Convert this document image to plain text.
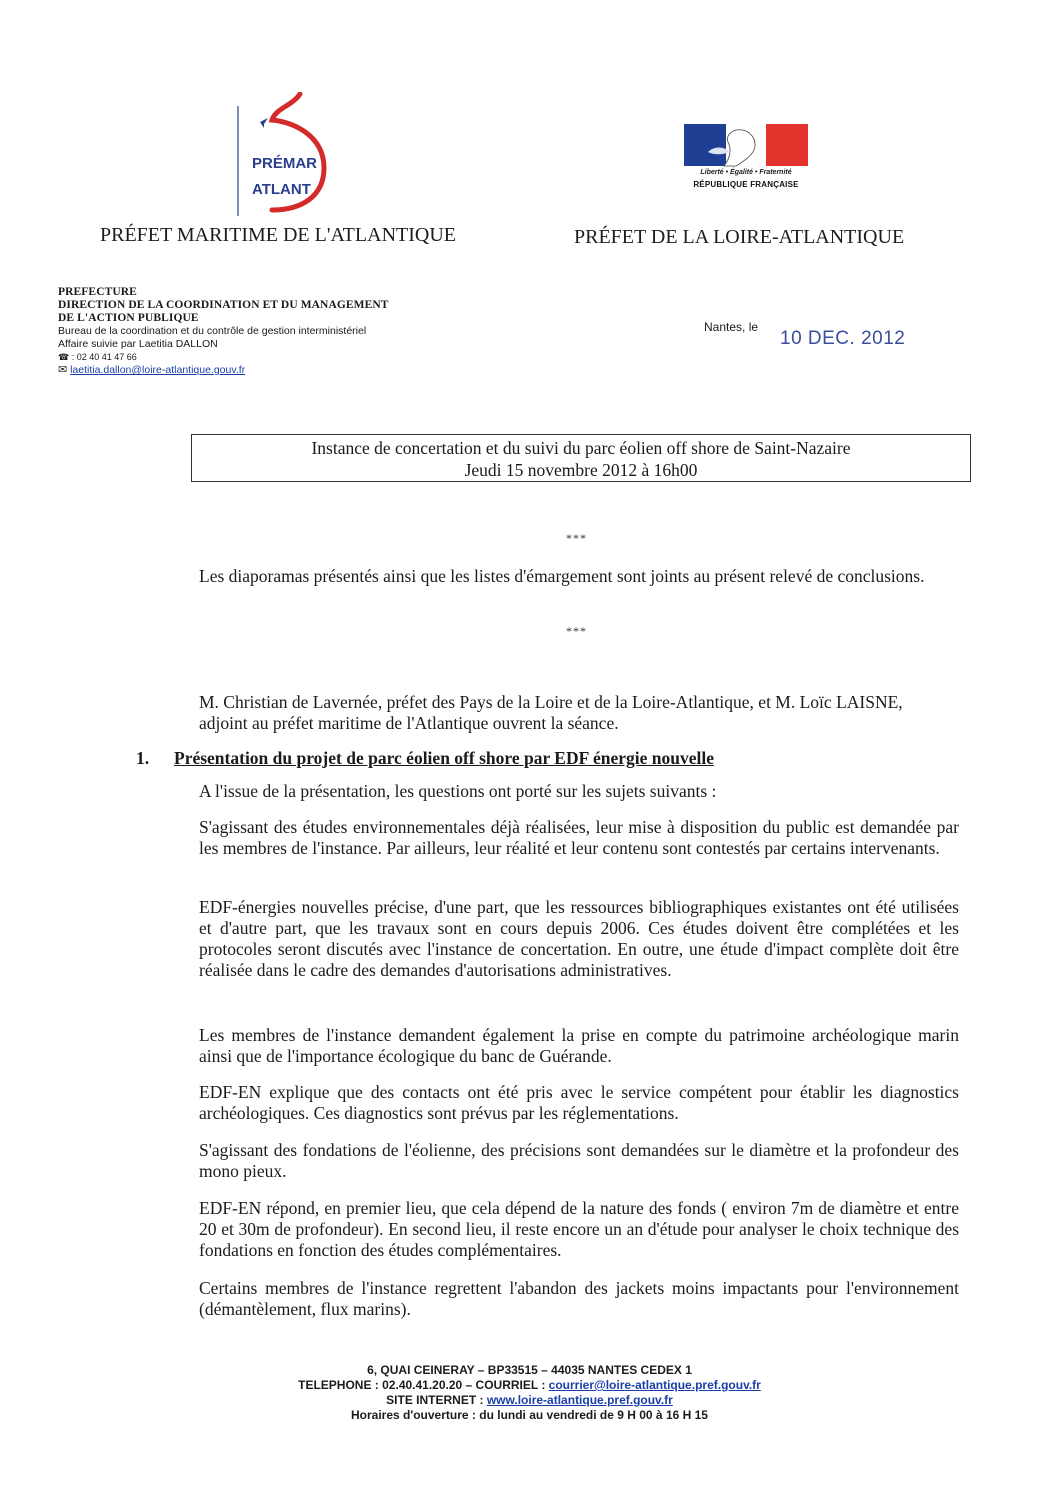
PRÉMAR
ATLANT
Liberté • Égalité • Fraternité
RÉPUBLIQUE FRANÇAISE
PRÉFET MARITIME DE L'ATLANTIQUE	PRÉFET DE LA LOIRE-ATLANTIQUE
PREFECTURE
DIRECTION DE LA COORDINATION ET DU MANAGEMENT
DE L'ACTION PUBLIQUE
Bureau de la coordination et du contrôle de gestion interministériel
Affaire suivie par Laetitia DALLON
☎ : 02 40 41 47 66
✉ laetitia.dallon@loire-atlantique.gouv.fr
Nantes, le
10 DEC. 2012
Instance de concertation et du suivi du parc éolien off shore de Saint-Nazaire
Jeudi 15 novembre 2012 à 16h00
***
Les diaporamas présentés ainsi que les listes d'émargement sont joints au présent relevé de conclusions.
***
M. Christian de Lavernée, préfet des Pays de la Loire et de la Loire-Atlantique, et M. Loïc LAISNE, adjoint au préfet maritime de l'Atlantique ouvrent la séance.
1. Présentation du projet de parc éolien off shore par EDF énergie nouvelle
A l'issue de la présentation, les questions ont porté sur les sujets suivants :
S'agissant des études environnementales déjà réalisées, leur mise à disposition du public est demandée par les membres de l'instance. Par ailleurs, leur réalité et leur contenu sont contestés par certains intervenants.
EDF-énergies nouvelles précise, d'une part, que les ressources bibliographiques existantes ont été utilisées et d'autre part, que les travaux sont en cours depuis 2006. Ces études doivent être complétées et les protocoles seront discutés avec l'instance de concertation. En outre, une étude d'impact complète doit être réalisée dans le cadre des demandes d'autorisations administratives.
Les membres de l'instance demandent également la prise en compte du patrimoine archéologique marin ainsi que de l'importance écologique du banc de Guérande.
EDF-EN explique que des contacts ont été pris avec le service compétent pour établir les diagnostics archéologiques. Ces diagnostics sont prévus par les réglementations.
S'agissant des fondations de l'éolienne, des précisions sont demandées sur le diamètre et la profondeur des mono pieux.
EDF-EN répond, en premier lieu, que cela dépend de la nature des fonds ( environ 7m de diamètre et entre 20 et 30m de profondeur). En second lieu, il reste encore un an d'étude pour analyser le choix technique des fondations en fonction des études complémentaires.
Certains membres de l'instance regrettent l'abandon des jackets moins impactants pour l'environnement (démantèlement, flux marins).
6, QUAI CEINERAY – BP33515 – 44035 NANTES CEDEX 1
TELEPHONE : 02.40.41.20.20 – COURRIEL : courrier@loire-atlantique.pref.gouv.fr
SITE INTERNET : www.loire-atlantique.pref.gouv.fr
Horaires d'ouverture : du lundi au vendredi de 9 H 00 à 16 H 15
